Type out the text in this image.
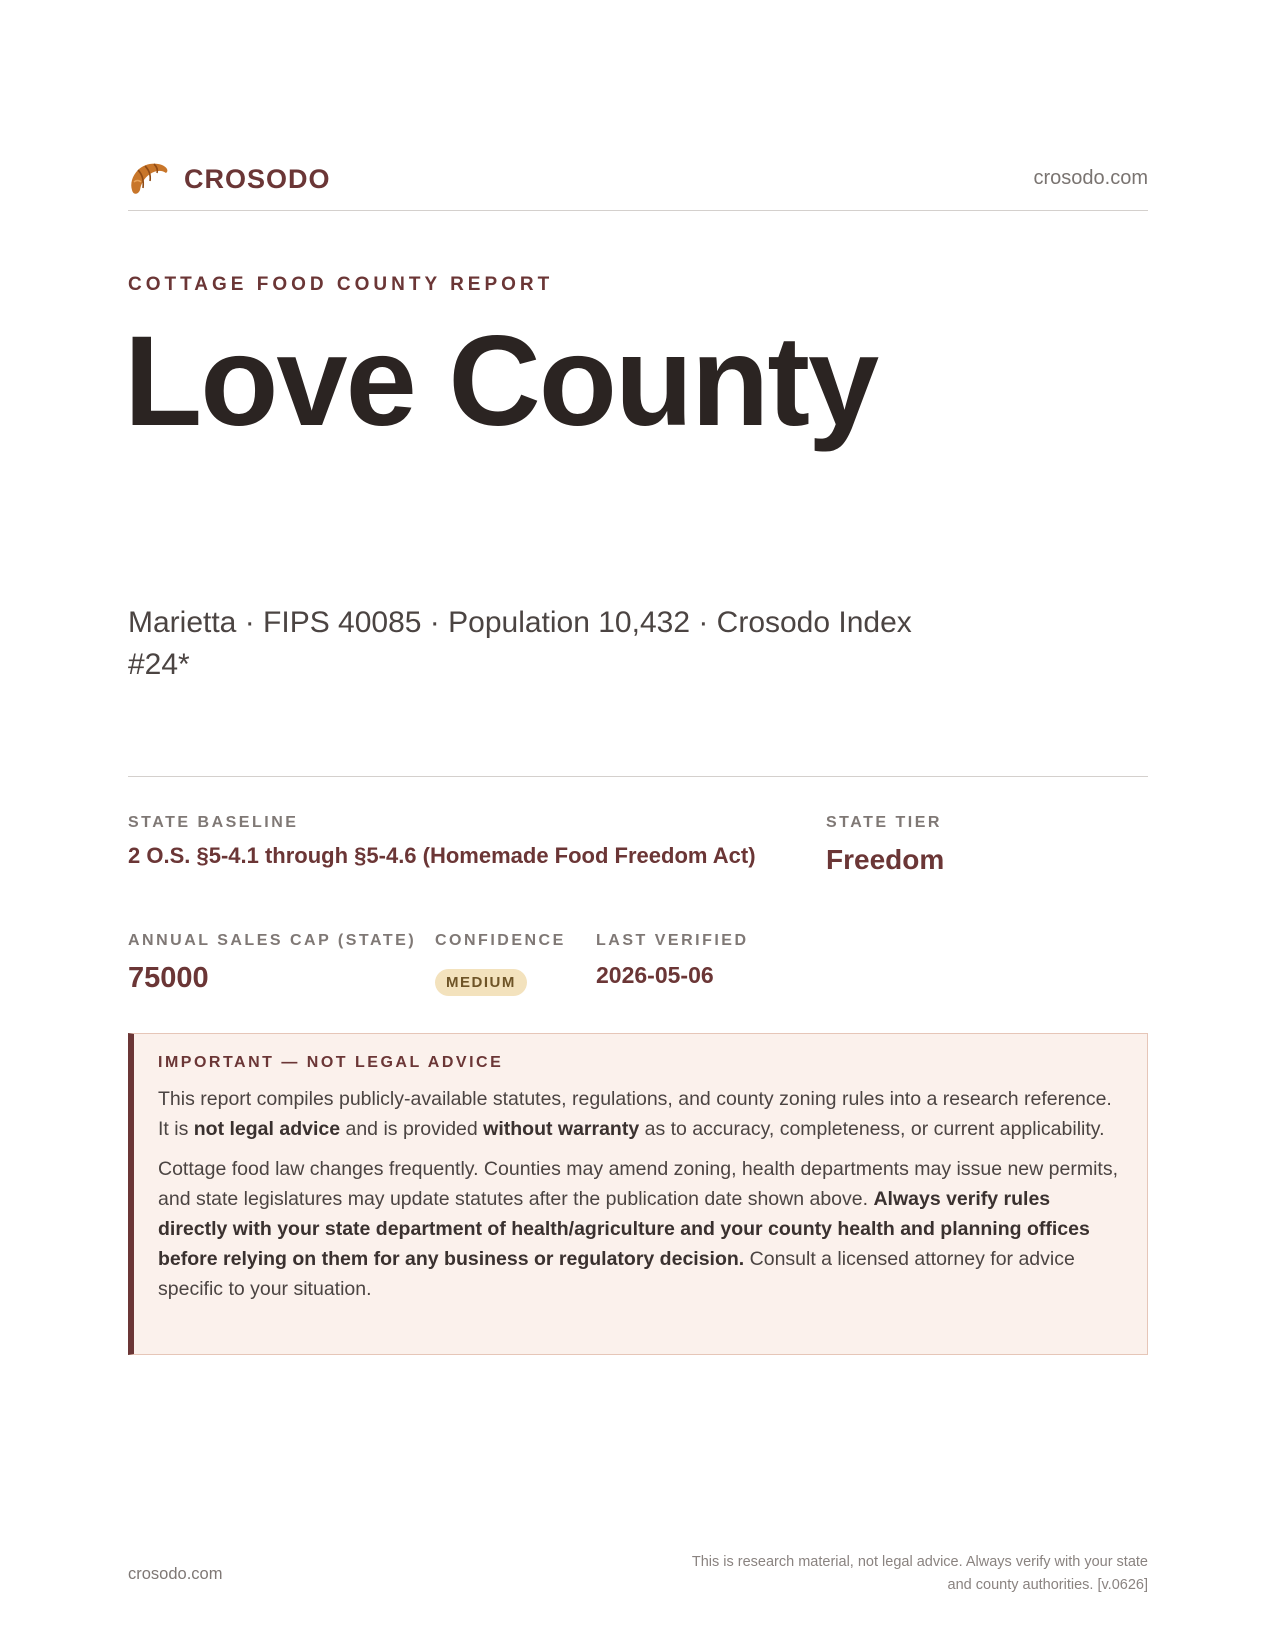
CROSODO	crosodo.com
COTTAGE FOOD COUNTY REPORT
Love County

Marietta · FIPS 40085 · Population 10,432 · Crosodo Index #24*

STATE BASELINE
2 O.S. §5-4.1 through §5-4.6 (Homemade Food Freedom Act)
STATE TIER
Freedom
ANNUAL SALES CAP (STATE)
75000
CONFIDENCE
MEDIUM
LAST VERIFIED
2026-05-06
IMPORTANT — NOT LEGAL ADVICE

This report compiles publicly-available statutes, regulations, and county zoning rules into a research reference. It is not legal advice and is provided without warranty as to accuracy, completeness, or current applicability.

Cottage food law changes frequently. Counties may amend zoning, health departments may issue new permits, and state legislatures may update statutes after the publication date shown above. Always verify rules directly with your state department of health/agriculture and your county health and planning offices before relying on them for any business or regulatory decision. Consult a licensed attorney for advice specific to your situation.

crosodo.com
This is research material, not legal advice. Always verify with your state
and county authorities. [v.0626]
